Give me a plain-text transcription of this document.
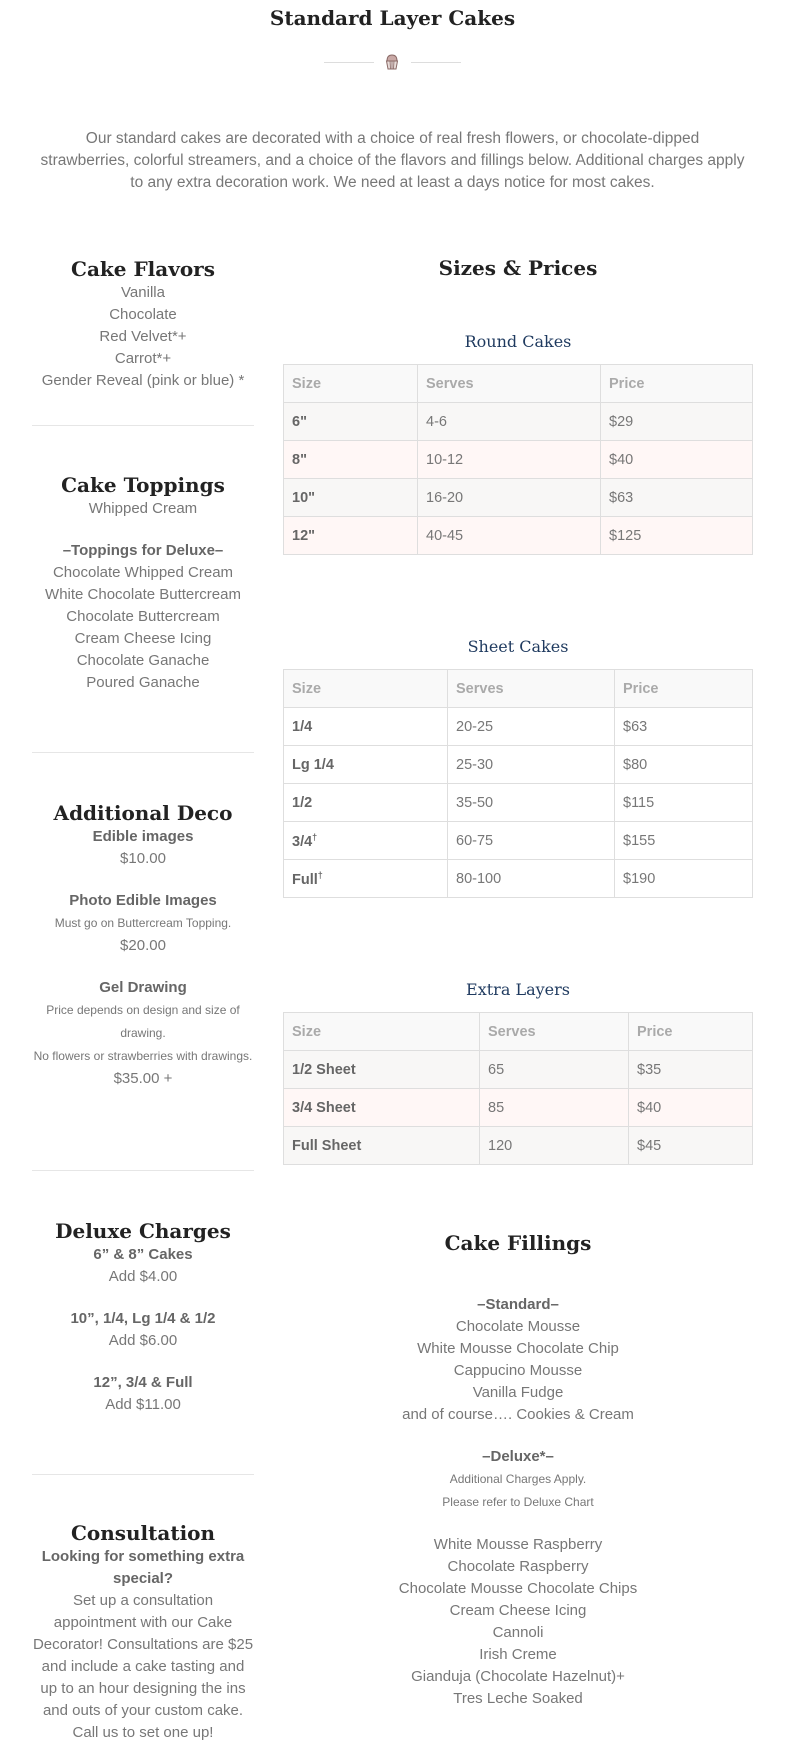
Standard Layer Cakes
Our standard cakes are decorated with a choice of real fresh flowers, or chocolate-dipped strawberries, colorful streamers, and a choice of the flavors and fillings below. Additional charges apply to any extra decoration work. We need at least a days notice for most cakes.
Cake Flavors
Vanilla
Chocolate
Red Velvet*+
Carrot*+
Gender Reveal (pink or blue) *
Cake Toppings
Whipped Cream
–Toppings for Deluxe–
Chocolate Whipped Cream
White Chocolate Buttercream
Chocolate Buttercream
Cream Cheese Icing
Chocolate Ganache
Poured Ganache
Additional Deco
Edible images
$10.00
Photo Edible Images
Must go on Buttercream Topping.
$20.00
Gel Drawing
Price depends on design and size of drawing.
No flowers or strawberries with drawings.
$35.00 +
Deluxe Charges
6” & 8” Cakes
Add $4.00
10”, 1/4, Lg 1/4 & 1/2
Add $6.00
12”, 3/4 & Full
Add $11.00
Consultation
Looking for something extra special?
Set up a consultation appointment with our Cake Decorator! Consultations are $25 and include a cake tasting and up to an hour designing the ins and outs of your custom cake. Call us to set one up!
Sizes & Prices
Round Cakes
Size	Serves	Price
6"	4-6	$29
8"	10-12	$40
10"	16-20	$63
12"	40-45	$125
Sheet Cakes
Size	Serves	Price
1/4	20-25	$63
Lg 1/4	25-30	$80
1/2	35-50	$115
3/4†	60-75	$155
Full†	80-100	$190
Extra Layers
Size	Serves	Price
1/2 Sheet	65	$35
3/4 Sheet	85	$40
Full Sheet	120	$45
Cake Fillings
–Standard–
Chocolate Mousse
White Mousse Chocolate Chip
Cappucino Mousse
Vanilla Fudge
and of course…. Cookies & Cream
–Deluxe*–
Additional Charges Apply.
Please refer to Deluxe Chart
White Mousse Raspberry
Chocolate Raspberry
Chocolate Mousse Chocolate Chips
Cream Cheese Icing
Cannoli
Irish Creme
Gianduja (Chocolate Hazelnut)+
Tres Leche Soaked
